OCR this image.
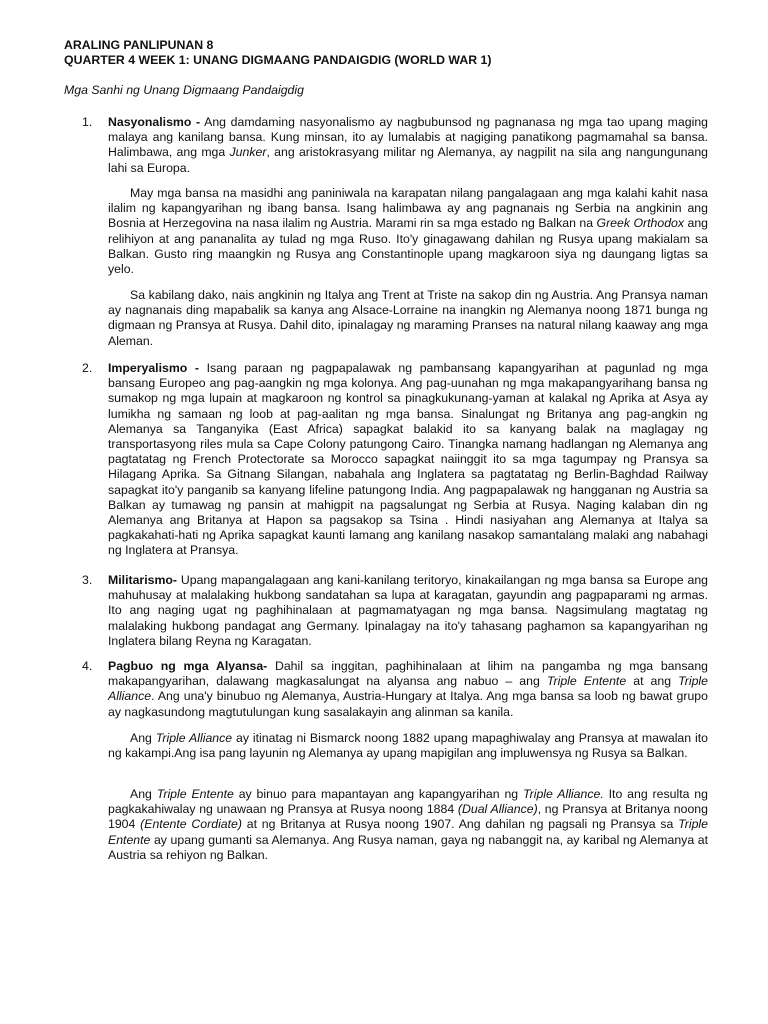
ARALING PANLIPUNAN 8
QUARTER 4 WEEK 1: UNANG DIGMAANG PANDAIGDIG (WORLD WAR 1)
Mga Sanhi ng Unang Digmaang Pandaigdig
1. Nasyonalismo - Ang damdaming nasyonalismo ay nagbubunsod ng pagnanasa ng mga tao upang maging malaya ang kanilang bansa. Kung minsan, ito ay lumalabis at nagiging panatikong pagmamahal sa bansa. Halimbawa, ang mga Junker, ang aristokrasyang militar ng Alemanya, ay nagpilit na sila ang nangungunang lahi sa Europa.
May mga bansa na masidhi ang paniniwala na karapatan nilang pangalagaan ang mga kalahi kahit nasa ilalim ng kapangyarihan ng ibang bansa. Isang halimbawa ay ang pagnanais ng Serbia na angkinin ang Bosnia at Herzegovina na nasa ilalim ng Austria. Marami rin sa mga estado ng Balkan na Greek Orthodox ang relihiyon at ang pananalita ay tulad ng mga Ruso. Ito'y ginagawang dahilan ng Rusya upang makialam sa Balkan. Gusto ring maangkin ng Rusya ang Constantinople upang magkaroon siya ng daungang ligtas sa yelo.
Sa kabilang dako, nais angkinin ng Italya ang Trent at Triste na sakop din ng Austria. Ang Pransya naman ay nagnanais ding mapabalik sa kanya ang Alsace-Lorraine na inangkin ng Alemanya noong 1871 bunga ng digmaan ng Pransya at Rusya. Dahil dito, ipinalagay ng maraming Pranses na natural nilang kaaway ang mga Aleman.
2. Imperyalismo - Isang paraan ng pagpapalawak ng pambansang kapangyarihan at pagunlad ng mga bansang Europeo ang pag-aangkin ng mga kolonya. Ang pag-uunahan ng mga makapangyarihang bansa ng sumakop ng mga lupain at magkaroon ng kontrol sa pinagkukunang-yaman at kalakal ng Aprika at Asya ay lumikha ng samaan ng loob at pag-aalitan ng mga bansa. Sinalungat ng Britanya ang pag-angkin ng Alemanya sa Tanganyika (East Africa) sapagkat balakid ito sa kanyang balak na maglagay ng transportasyong riles mula sa Cape Colony patungong Cairo. Tinangka namang hadlangan ng Alemanya ang pagtatatag ng French Protectorate sa Morocco sapagkat naiinggit ito sa mga tagumpay ng Pransya sa Hilagang Aprika. Sa Gitnang Silangan, nabahala ang Inglatera sa pagtatatag ng Berlin-Baghdad Railway sapagkat ito'y panganib sa kanyang lifeline patungong India. Ang pagpapalawak ng hangganan ng Austria sa Balkan ay tumawag ng pansin at mahigpit na pagsalungat ng Serbia at Rusya. Naging kalaban din ng Alemanya ang Britanya at Hapon sa pagsakop sa Tsina . Hindi nasiyahan ang Alemanya at Italya sa pagkakahati-hati ng Aprika sapagkat kaunti lamang ang kanilang nasakop samantalang malaki ang nabahagi ng Inglatera at Pransya.
3. Militarismo- Upang mapangalagaan ang kani-kanilang teritoryo, kinakailangan ng mga bansa sa Europe ang mahuhusay at malalaking hukbong sandatahan sa lupa at karagatan, gayundin ang pagpaparami ng armas. Ito ang naging ugat ng paghihinalaan at pagmamatyagan ng mga bansa. Nagsimulang magtatag ng malalaking hukbong pandagat ang Germany. Ipinalagay na ito'y tahasang paghamon sa kapangyarihan ng Inglatera bilang Reyna ng Karagatan.
4. Pagbuo ng mga Alyansa- Dahil sa inggitan, paghihinalaan at lihim na pangamba ng mga bansang makapangyarihan, dalawang magkasalungat na alyansa ang nabuo – ang Triple Entente at ang Triple Alliance. Ang una'y binubuo ng Alemanya, Austria-Hungary at Italya. Ang mga bansa sa loob ng bawat grupo ay nagkasundong magtutulungan kung sasalakayin ang alinman sa kanila.
Ang Triple Alliance ay itinatag ni Bismarck noong 1882 upang mapaghiwalay ang Pransya at mawalan ito ng kakampi.Ang isa pang layunin ng Alemanya ay upang mapigilan ang impluwensya ng Rusya sa Balkan.
Ang Triple Entente ay binuo para mapantayan ang kapangyarihan ng Triple Alliance. Ito ang resulta ng pagkakahiwalay ng unawaan ng Pransya at Rusya noong 1884 (Dual Alliance), ng Pransya at Britanya noong 1904 (Entente Cordiate) at ng Britanya at Rusya noong 1907. Ang dahilan ng pagsali ng Pransya sa Triple Entente ay upang gumanti sa Alemanya. Ang Rusya naman, gaya ng nabanggit na, ay karibal ng Alemanya at Austria sa rehiyon ng Balkan.
